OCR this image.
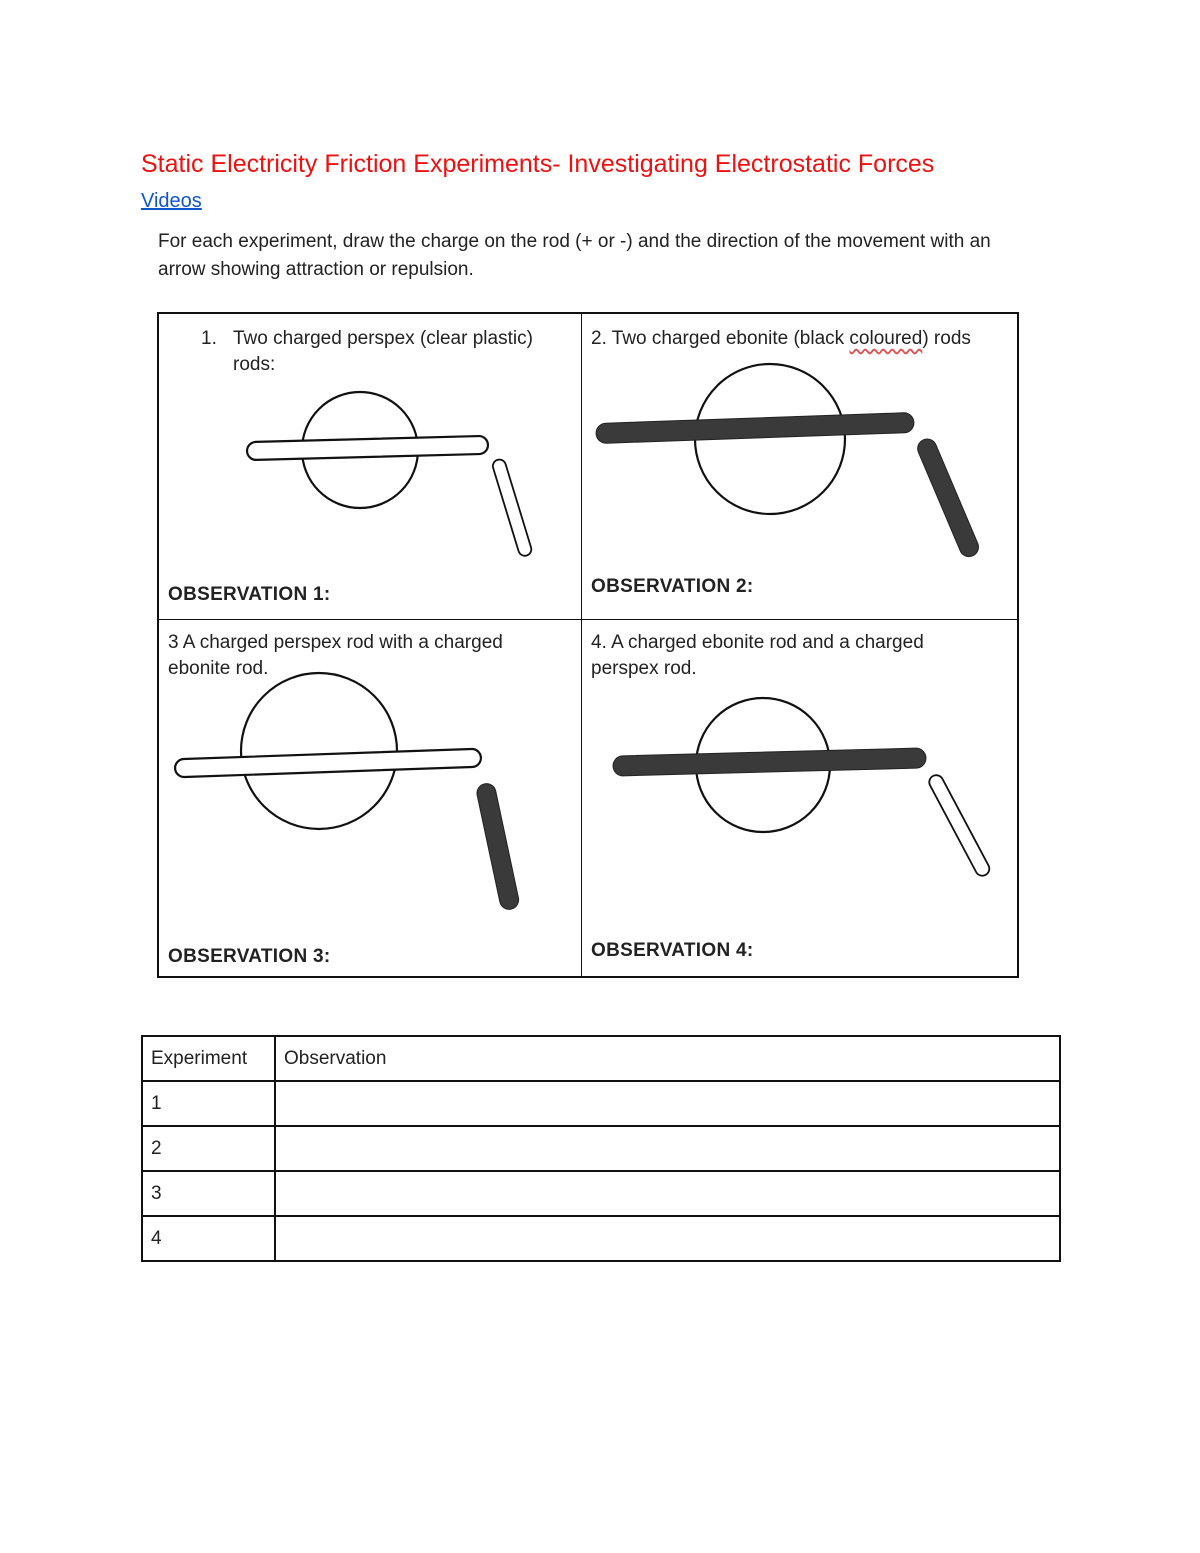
Static Electricity Friction Experiments- Investigating Electrostatic Forces
Videos
For each experiment, draw the charge on the rod (+ or -) and the direction of the movement with an arrow showing attraction or repulsion.
1. Two charged perspex (clear plastic) rods:
OBSERVATION 1:
2. Two charged ebonite (black coloured) rods
OBSERVATION 2:
3 A charged perspex rod with a charged ebonite rod.
OBSERVATION 3:
4. A charged ebonite rod and a charged perspex rod.
OBSERVATION 4:
Experiment	Observation
1	
2	
3	
4	
